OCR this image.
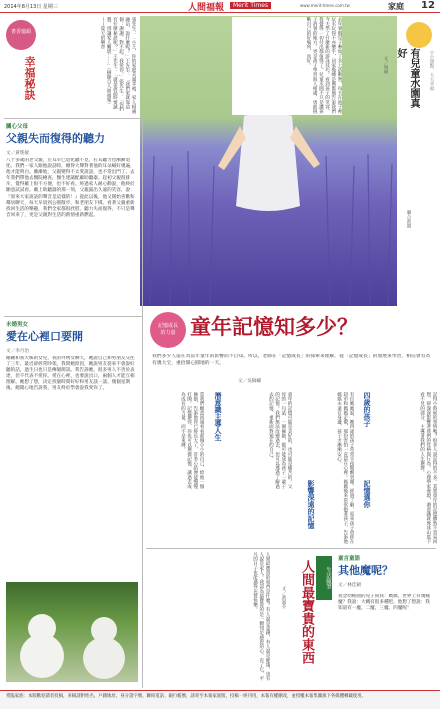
2014年8月13日 星期三	人間福報	Merit Times	www.merit-times.com.tw	家庭 12
書香憶韻
幸福秘訣	張先生：「小王，你的家庭美滿幸福，家人相處融洽，說什麼呢？」王先生：「我們家就靠這個：謝謝、對不起、我愛你。」張先生：「你們有什麼秘訣呢？」王先生：「就是說話時要誠懇，別讓家人難堪……」（摘錄自人間福報）——夏天的樂章
聯合新聞
去年暑假兒子參加了水上活動營，每天在池子裡玩水玩得不亦樂乎，回家後總是興奮地告訴我們今天學了什麼新的游泳技巧。看到孩子的笑容，我覺得一切付出都值得了。兒童水園不只是讓孩子消暑的地方，更是孩子學習與人相處、勇敢挑戰自己的好場所，真好。
小小甜點，大大幸福
有兒童水園真好
文／周瑋
關心父母
父親失而復得的聽力
文／黃瑤敏
八十多歲的老父親，左耳早已退化聽不見，右耳聽力也漸漸退化。我們一家人跟他說話時，總得大聲對著他的耳朵喊好幾遍，他才能明白。漸漸地，父親變得不太愛說話，也不常出門了。去年我們帶他去醫院檢查，醫生建議配戴助聽器。起初父親很排斥，覺得戴上很不方便，也不好看。經過家人耐心勸說，他終於願意試試看。戴上助聽器的那一刻，父親露出久違的笑容，說：『原來大家說話的聲音是這樣的！』從此以後，他又開始喜歡和鄰居聊天，每天早晨到公園散步，和老朋友下棋。看著父親重新找回生活的樂趣，我們全家都很欣慰。聽力失而復得，不只是聲音回來了，更是父親對生活的熱情重新燃起。
記憶成長
的力量 童年記憶知多少？
我們多少人還在為當年童年的影響而不自知。所以，老師在「記憶成長」的探索來理解，從「記憶成長」的發展來學習，相信會有為有幾大宝，重拾開心圓地的一天。
文／吳稿繡
未婚男女
愛在心裡口要開
文／李月治
剛剛和我大姊的女兒，我的外甥女聊天，她說自己和男朋友交往了三年，最近卻經常吵架。我問她原因，她說男友從來不會說好聽的話，過生日也只是傳個簡訊。我告訴她，很多男人不善於表達，但不代表不愛你。愛在心裡，也要說出口，兩個人才能互相理解。她想了想，決定找個時間好好和男友談一談。幾個星期後，她開心地告訴我，男友終於學會說我愛你了。
記得小時候的事情嗎？很多人說記得的不多。其實童年的記憶雖然不容易回想，卻深深影響著我們的性格與行為。心理學家發現，潛意識就像冰山底下看不見的部分，主導著我們的人生選擇。
四歲的孩子
有位媽媽說，她四歲的孩子常常半夜驚醒哭鬧。經過了解，原來孩子曾經在超市和媽媽走散，那份害怕一直留在心裡。媽媽後來常常抱著孩子，告訴他媽媽永遠在身邊，孩子才漸漸安心。
童年的記憶可能是美好的，也可能是痛苦的。父母的一句話、一個擁抱，都可能成為孩子一輩子的記憶。我們無法改變過去，但可以透過了解過去的記憶，重新面對現在的自己。
潛意識主導人生
當我們願意回頭看看那個小小的自己，給他一個擁抱，告訴他你已經長大了，許多心結便能慢慢打開。記憶選你，你也可以選擇記憶，讓過去成為成長的力量，而不是束縛。
影響深遠的記憶	記憶選你
人間最寶貴的東西是什麼？有人說是金錢，有人說是健康，也有人說是家人。我認為最寶貴的是一顆知足感恩的心。有了它，平凡的日子也能過得充實快樂。	生活隨筆
人間最寶貴的東西
文／黃淑芬
童言童語
其他魔呢？
文／林佳穎
我念幼稚園的兒子問我：媽媽，世界上有幾種魔？我說：大概有很多種吧。他想了想說：我知道有一魔、二魔、三魔、四魔呢！
愛臨家族：本版歡迎讀者投稿，來稿請附姓名、戶籍地址、身分證字號、聯絡電話、銀行帳號，請寄至本報家庭版，投稿一經刊用，本報有權刪改，並授權本報集團旗下各媒體轉載使用。
